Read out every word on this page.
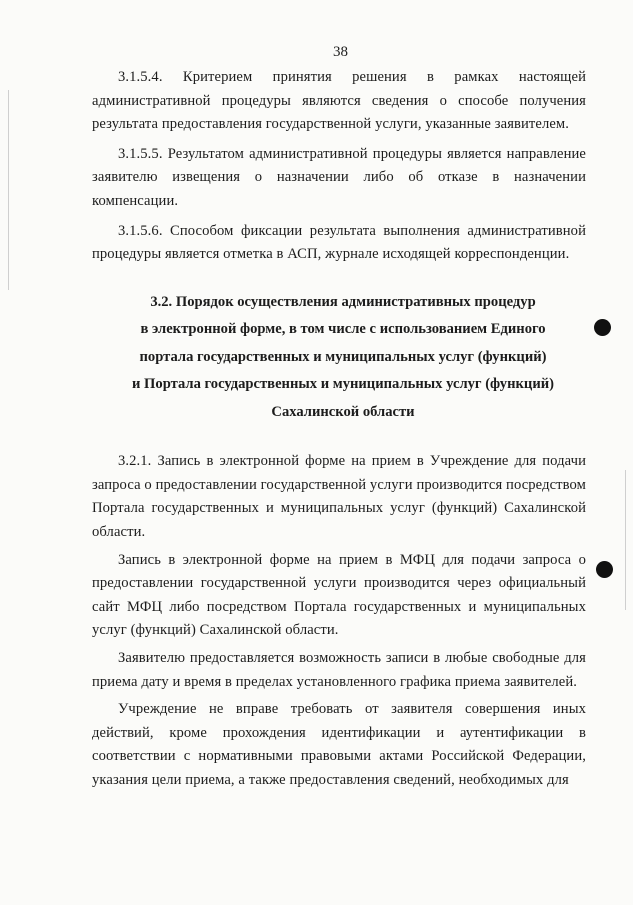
38

3.1.5.4. Критерием принятия решения в рамках настоящей административной процедуры являются сведения о способе получения результата предоставления государственной услуги, указанные заявителем.

3.1.5.5. Результатом административной процедуры является направление заявителю извещения о назначении либо об отказе в назначении компенсации.

3.1.5.6. Способом фиксации результата выполнения административной процедуры является отметка в АСП, журнале исходящей корреспонденции.

3.2. Порядок осуществления административных процедур
в электронной форме, в том числе с использованием Единого
портала государственных и муниципальных услуг (функций)
и Портала государственных и муниципальных услуг (функций)
Сахалинской области

3.2.1. Запись в электронной форме на прием в Учреждение для подачи запроса о предоставлении государственной услуги производится посредством Портала государственных и муниципальных услуг (функций) Сахалинской области.

Запись в электронной форме на прием в МФЦ для подачи запроса о предоставлении государственной услуги производится через официальный сайт МФЦ либо посредством Портала государственных и муниципальных услуг (функций) Сахалинской области.

Заявителю предоставляется возможность записи в любые свободные для приема дату и время в пределах установленного графика приема заявителей.

Учреждение не вправе требовать от заявителя совершения иных действий, кроме прохождения идентификации и аутентификации в соответствии с нормативными правовыми актами Российской Федерации, указания цели приема, а также предоставления сведений, необходимых для
